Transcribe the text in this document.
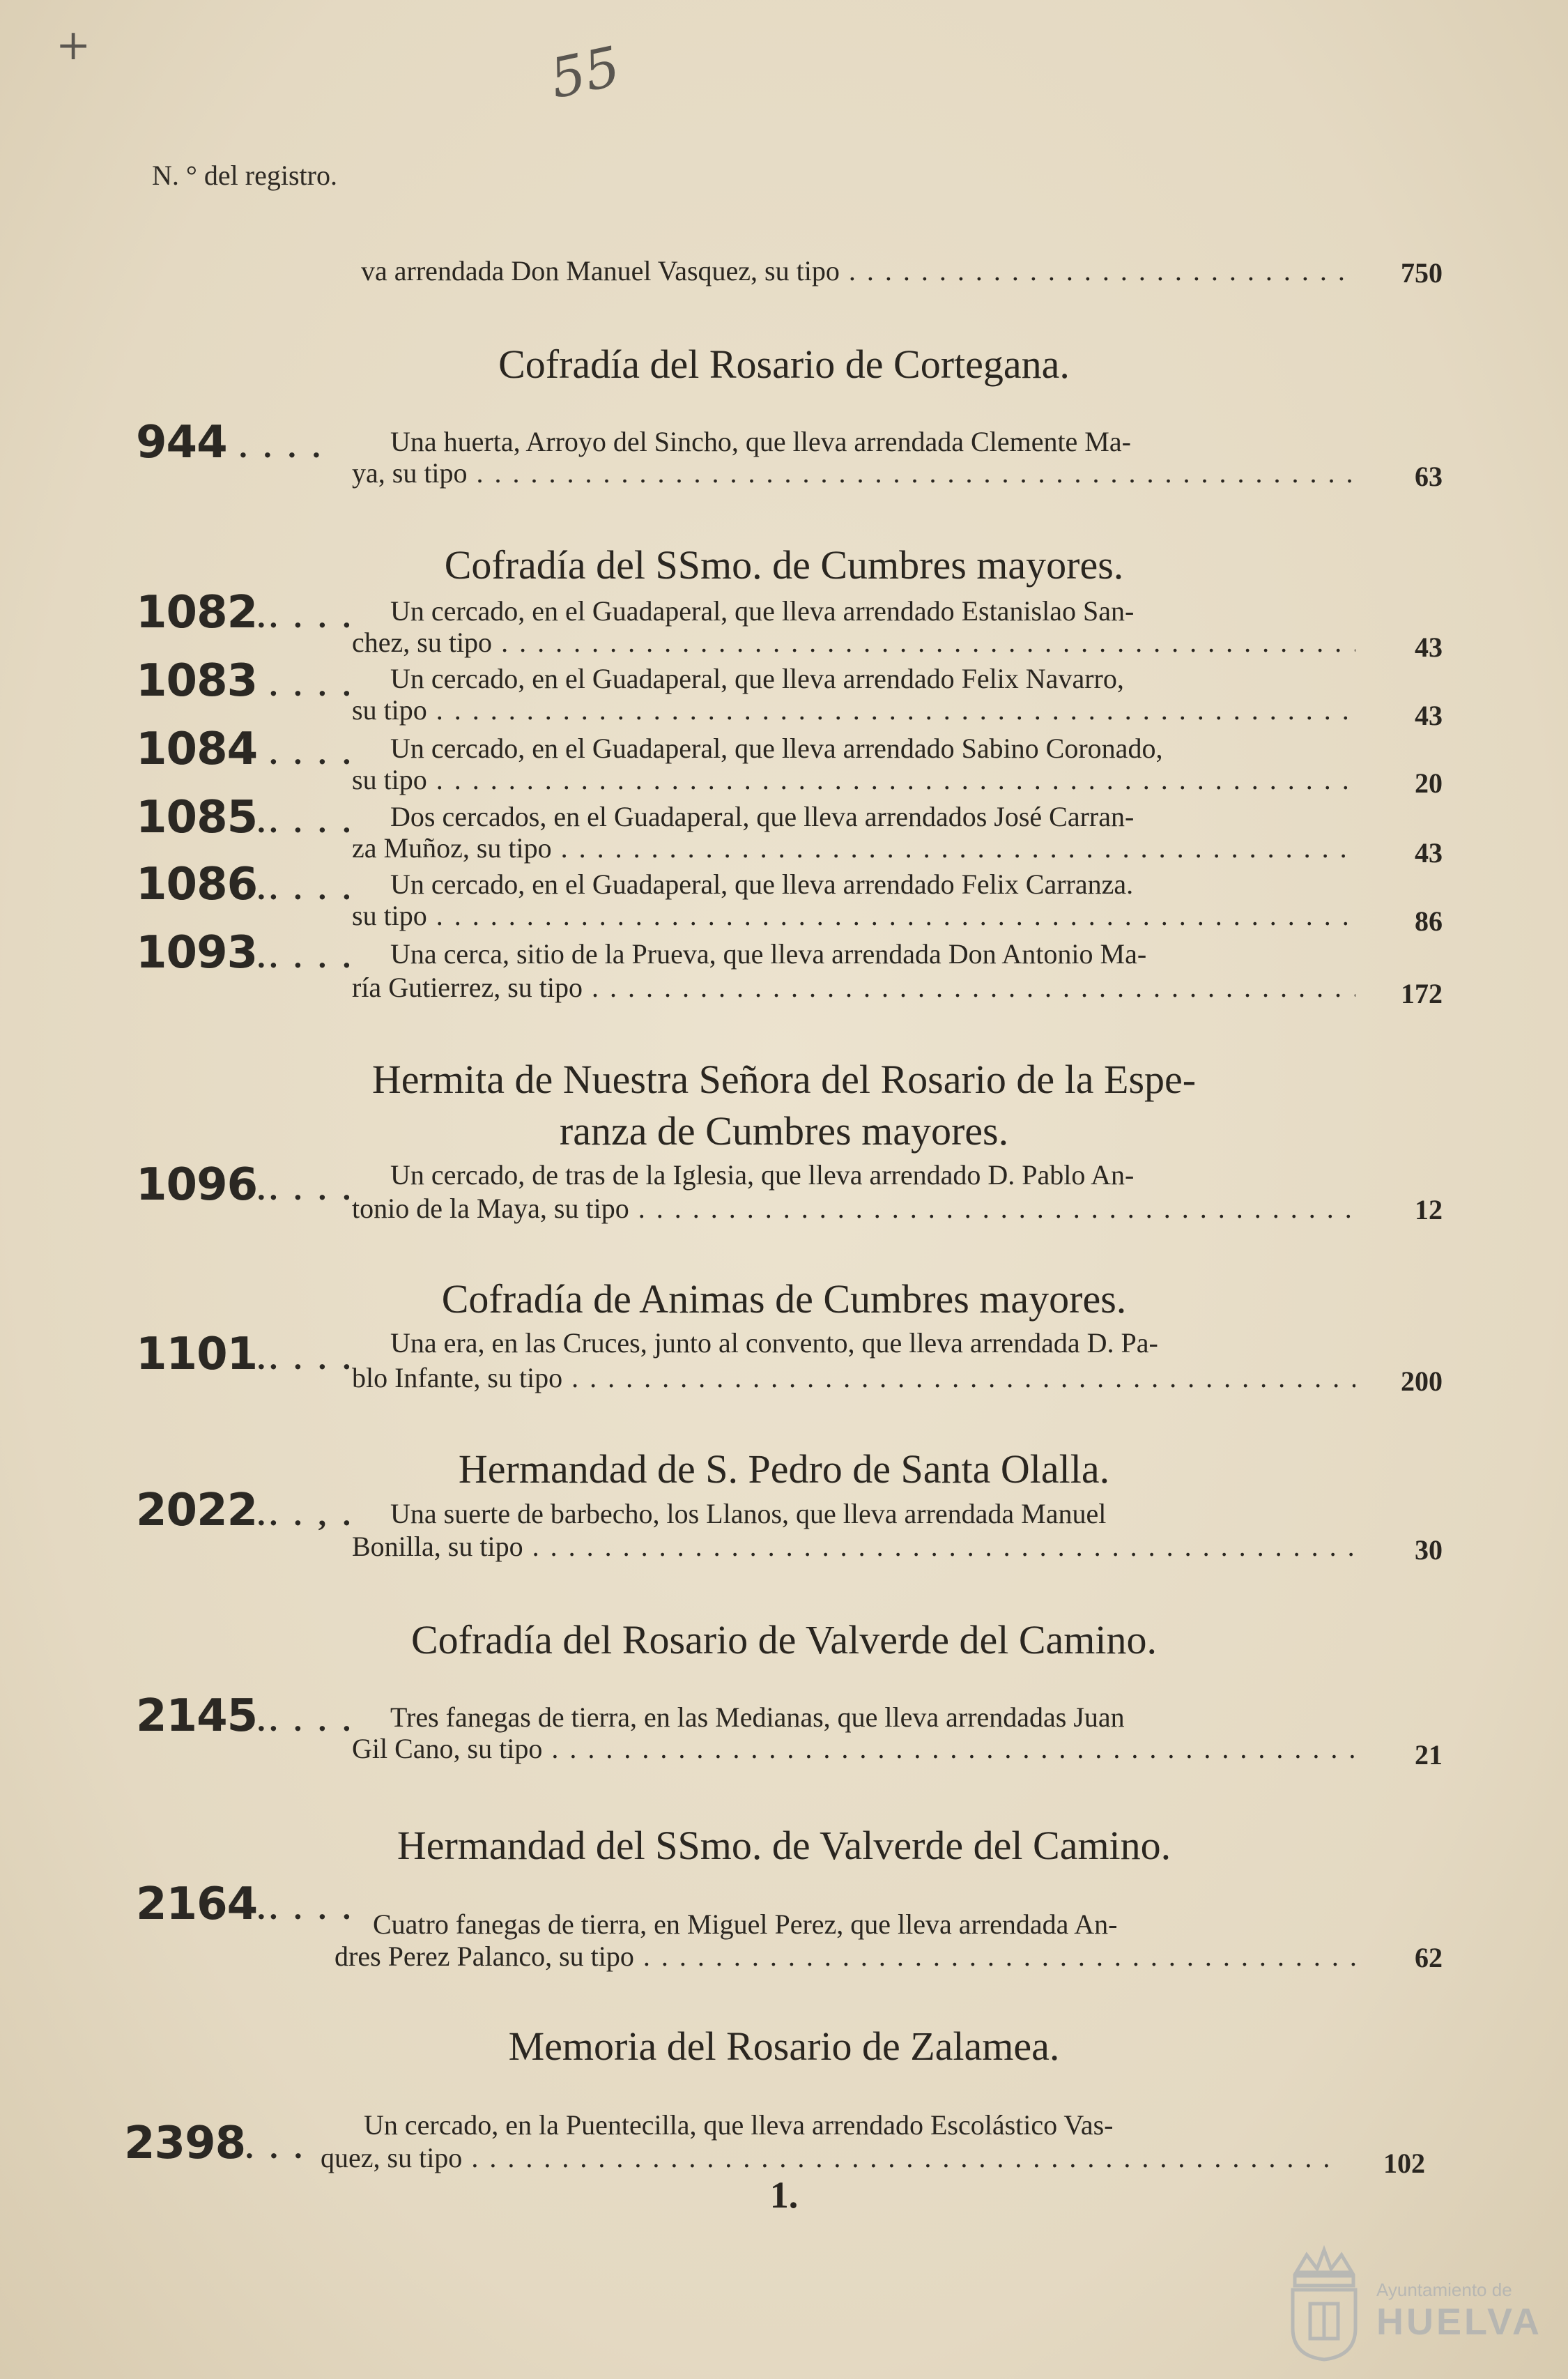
+	55
N. ° del registro.
va arrendada Don Manuel Vasquez, su tipo . . .	750
Cofradía del Rosario de Cortegana.
944 . . . . Una huerta, Arroyo del Sincho, que lleva arrendada Clemente Ma-
ya, su tipo . . .	63
Cofradía del SSmo. de Cumbres mayores.
1082.. . . . Un cercado, en el Guadaperal, que lleva arrendado Estanislao San-
chez, su tipo . . .	43
1083 . . . . Un cercado, en el Guadaperal, que lleva arrendado Felix Navarro,
su tipo . . .	43
1084 . . . . Un cercado, en el Guadaperal, que lleva arrendado Sabino Coronado,
su tipo . . .	20
1085.. . . . Dos cercados, en el Guadaperal, que lleva arrendados José Carran-
za Muñoz, su tipo . . .	43
1086.. . . . Un cercado, en el Guadaperal, que lleva arrendado Felix Carranza.
su tipo . . .	86
1093.. . . . Una cerca, sitio de la Prueva, que lleva arrendada Don Antonio Ma-
ría Gutierrez, su tipo . . .	172
Hermita de Nuestra Señora del Rosario de la Espe-
ranza de Cumbres mayores.
1096.. . . . Un cercado, de tras de la Iglesia, que lleva arrendado D. Pablo An-
tonio de la Maya, su tipo . . .	12
Cofradía de Animas de Cumbres mayores.
1101.. . . . Una era, en las Cruces, junto al convento, que lleva arrendada D. Pa-
blo Infante, su tipo . . .	200
Hermandad de S. Pedro de Santa Olalla.
2022.. . , . Una suerte de barbecho, los Llanos, que lleva arrendada Manuel
Bonilla, su tipo . . .	30
Cofradía del Rosario de Valverde del Camino.
2145.. . . . Tres fanegas de tierra, en las Medianas, que lleva arrendadas Juan
Gil Cano, su tipo . . .	21
Hermandad del SSmo. de Valverde del Camino.
2164.. . . . Cuatro fanegas de tierra, en Miguel Perez, que lleva arrendada An-
dres Perez Palanco, su tipo . . .	62
Memoria del Rosario de Zalamea.
2398. . .
Un cercado, en la Puentecilla, que lleva arrendado Escolástico Vas-
quez, su tipo . . .	102
1.
Ayuntamiento de
HUELVA
